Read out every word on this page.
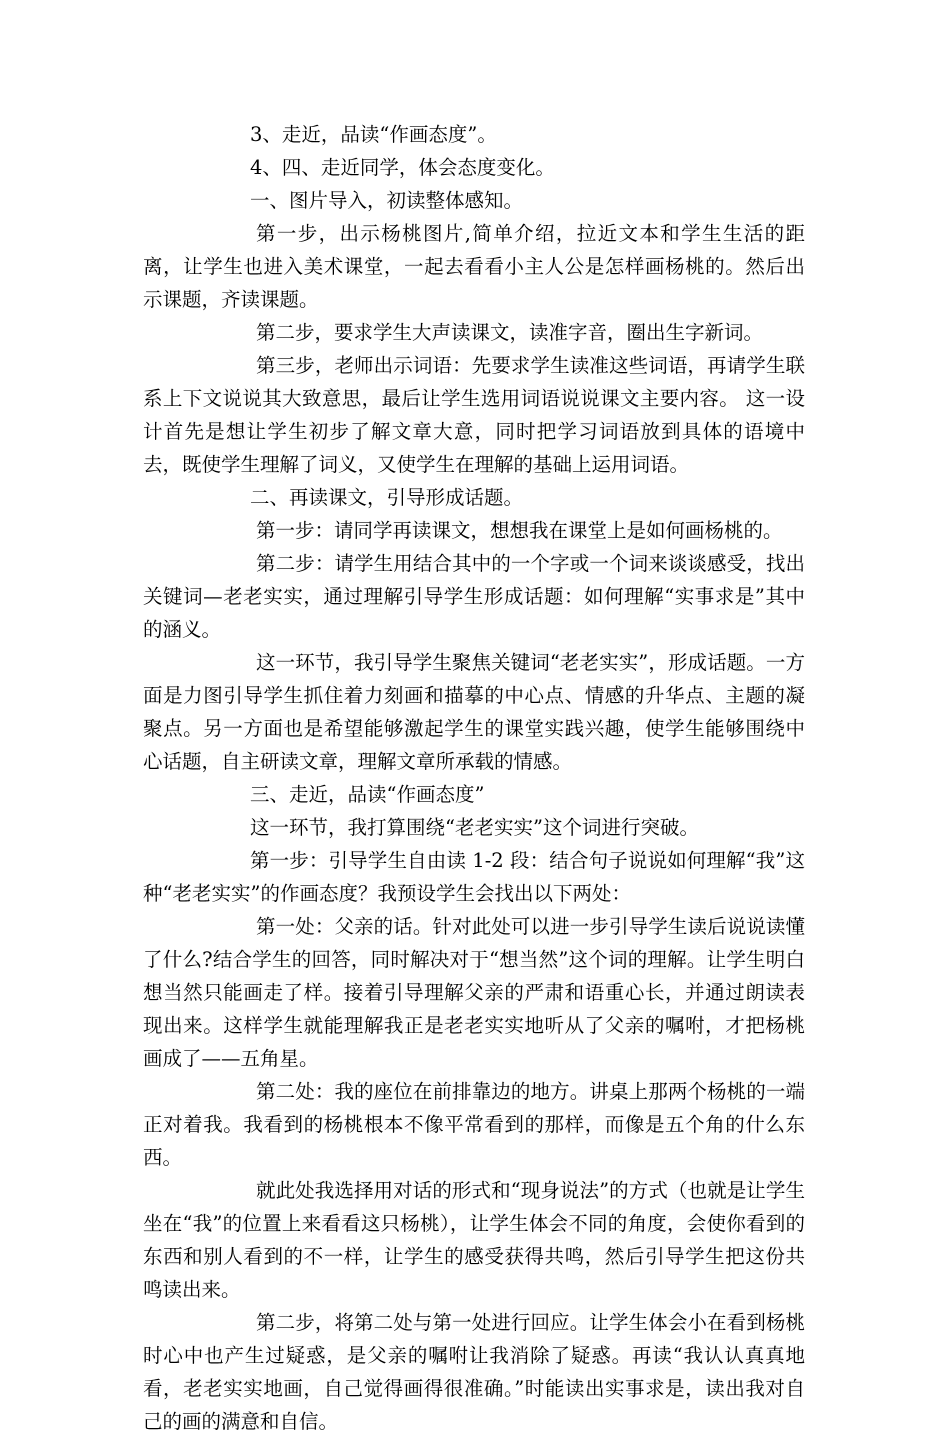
3、走近，品读“作画态度”。

4、四、走近同学，体会态度变化。

一、图片导入，初读整体感知。

第一步，出示杨桃图片,简单介绍，拉近文本和学生生活的距离，让学生也进入美术课堂，一起去看看小主人公是怎样画杨桃的。然后出示课题，齐读课题。

第二步，要求学生大声读课文，读准字音，圈出生字新词。

第三步，老师出示词语：先要求学生读准这些词语，再请学生联系上下文说说其大致意思，最后让学生选用词语说说课文主要内容。 这一设计首先是想让学生初步了解文章大意，同时把学习词语放到具体的语境中去，既使学生理解了词义，又使学生在理解的基础上运用词语。

二、再读课文，引导形成话题。

第一步：请同学再读课文，想想我在课堂上是如何画杨桃的。

第二步：请学生用结合其中的一个字或一个词来谈谈感受，找出关键词—老老实实，通过理解引导学生形成话题：如何理解“实事求是”其中的涵义。

这一环节，我引导学生聚焦关键词“老老实实”，形成话题。一方面是力图引导学生抓住着力刻画和描摹的中心点、情感的升华点、主题的凝聚点。另一方面也是希望能够激起学生的课堂实践兴趣，使学生能够围绕中心话题，自主研读文章，理解文章所承载的情感。

三、走近，品读“作画态度”

这一环节，我打算围绕“老老实实”这个词进行突破。

第一步：引导学生自由读 1-2 段：结合句子说说如何理解“我”这种“老老实实”的作画态度？我预设学生会找出以下两处：

第一处：父亲的话。针对此处可以进一步引导学生读后说说读懂了什么?结合学生的回答，同时解决对于“想当然”这个词的理解。让学生明白想当然只能画走了样。接着引导理解父亲的严肃和语重心长，并通过朗读表现出来。这样学生就能理解我正是老老实实地听从了父亲的嘱咐，才把杨桃画成了——五角星。

第二处：我的座位在前排靠边的地方。讲桌上那两个杨桃的一端正对着我。我看到的杨桃根本不像平常看到的那样，而像是五个角的什么东西。

就此处我选择用对话的形式和“现身说法”的方式（也就是让学生坐在“我”的位置上来看看这只杨桃），让学生体会不同的角度，会使你看到的东西和别人看到的不一样，让学生的感受获得共鸣，然后引导学生把这份共鸣读出来。

第二步，将第二处与第一处进行回应。让学生体会小在看到杨桃时心中也产生过疑惑，是父亲的嘱咐让我消除了疑惑。再读“我认认真真地看，老老实实地画，自己觉得画得很准确。”时能读出实事求是，读出我对自己的画的满意和自信。
